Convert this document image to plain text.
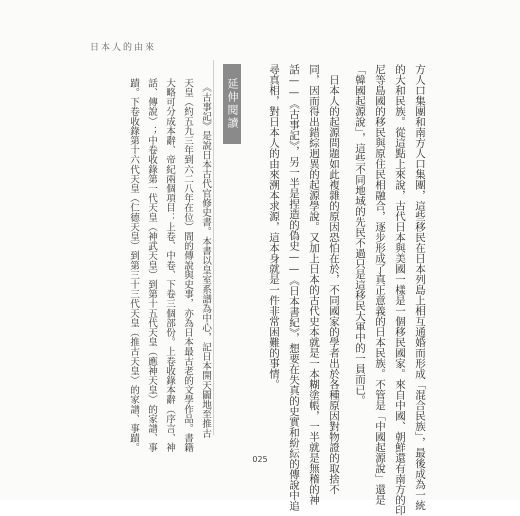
日本人的由來
方人口集團和南方人口集團，這些移民在日本列島上相互通婚而形成「混合民族」，最後成為一統
的大和民族。從這點上來說，古代日本與美國一樣是一個移民國家。來自中國、朝鮮還有南方的印
尼等島國的移民與原住民相融合，逐步形成了真正意義的日本民族。不管是「中國起源說」還是
「韓國起源說」，這些不同地域的先民不過只是這移民大軍中的一員而已。
　日本人的起源問題如此複雜的原因恐怕在於，不同國家的學者出於各種原因對物證的取捨不
同，因而得出錯綜迥異的起源學說。又加上日本的古代史本就是一本糊塗帳，一半就是無稽的神
話——《古事記》，另一半是捏造的偽史——《日本書紀》，想要在失真的史實和紛紜的傳說中追
尋真相，對日本人的由來溯本求源，這本身就是一件非常困難的事情。
延伸閱讀
　《古事記》是說日本古代官修史書。本書以皇室系譜為中心，記日本開天闢地至推古
天皇（約五九三年到六二八年在位）間的傳說與史事，亦為日本最古老的文學作品。書籍
大略可分成本辭、帝紀兩個項目：上卷、中卷、下卷三個部份。上卷收錄本辭（序言、神
話、傳說）；中卷收錄第一代天皇（神武天皇）到第十五代天皇（應神天皇）的家譜、事
蹟。下卷收錄第十六代天皇（仁德天皇）到第三十三代天皇（推古天皇）的家譜、事蹟。
025
